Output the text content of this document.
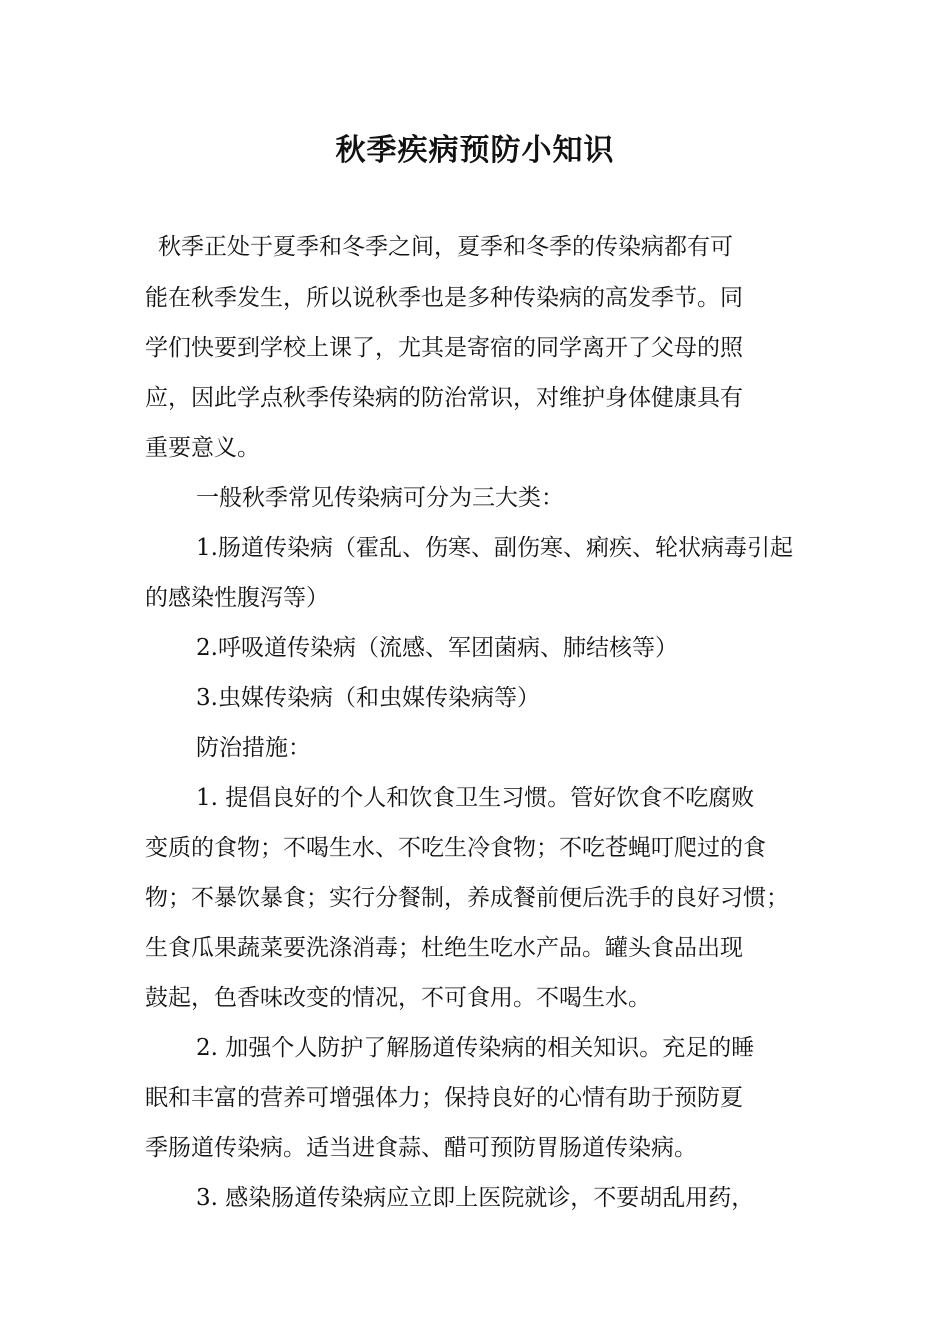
秋季疾病预防小知识
秋季正处于夏季和冬季之间，夏季和冬季的传染病都有可
能在秋季发生，所以说秋季也是多种传染病的高发季节。同
学们快要到学校上课了，尤其是寄宿的同学离开了父母的照
应，因此学点秋季传染病的防治常识，对维护身体健康具有
重要意义。
一般秋季常见传染病可分为三大类：
1.肠道传染病（霍乱、伤寒、副伤寒、痢疾、轮状病毒引起
的感染性腹泻等）
2.呼吸道传染病（流感、军团菌病、肺结核等）
3.虫媒传染病（和虫媒传染病等）
防治措施：
1. 提倡良好的个人和饮食卫生习惯。管好饮食不吃腐败
变质的食物；不喝生水、不吃生冷食物；不吃苍蝇叮爬过的食
物；不暴饮暴食；实行分餐制，养成餐前便后洗手的良好习惯；
生食瓜果蔬菜要洗涤消毒；杜绝生吃水产品。罐头食品出现
鼓起，色香味改变的情况，不可食用。不喝生水。
2. 加强个人防护了解肠道传染病的相关知识。充足的睡
眠和丰富的营养可增强体力；保持良好的心情有助于预防夏
季肠道传染病。适当进食蒜、醋可预防胃肠道传染病。
3. 感染肠道传染病应立即上医院就诊，不要胡乱用药，
